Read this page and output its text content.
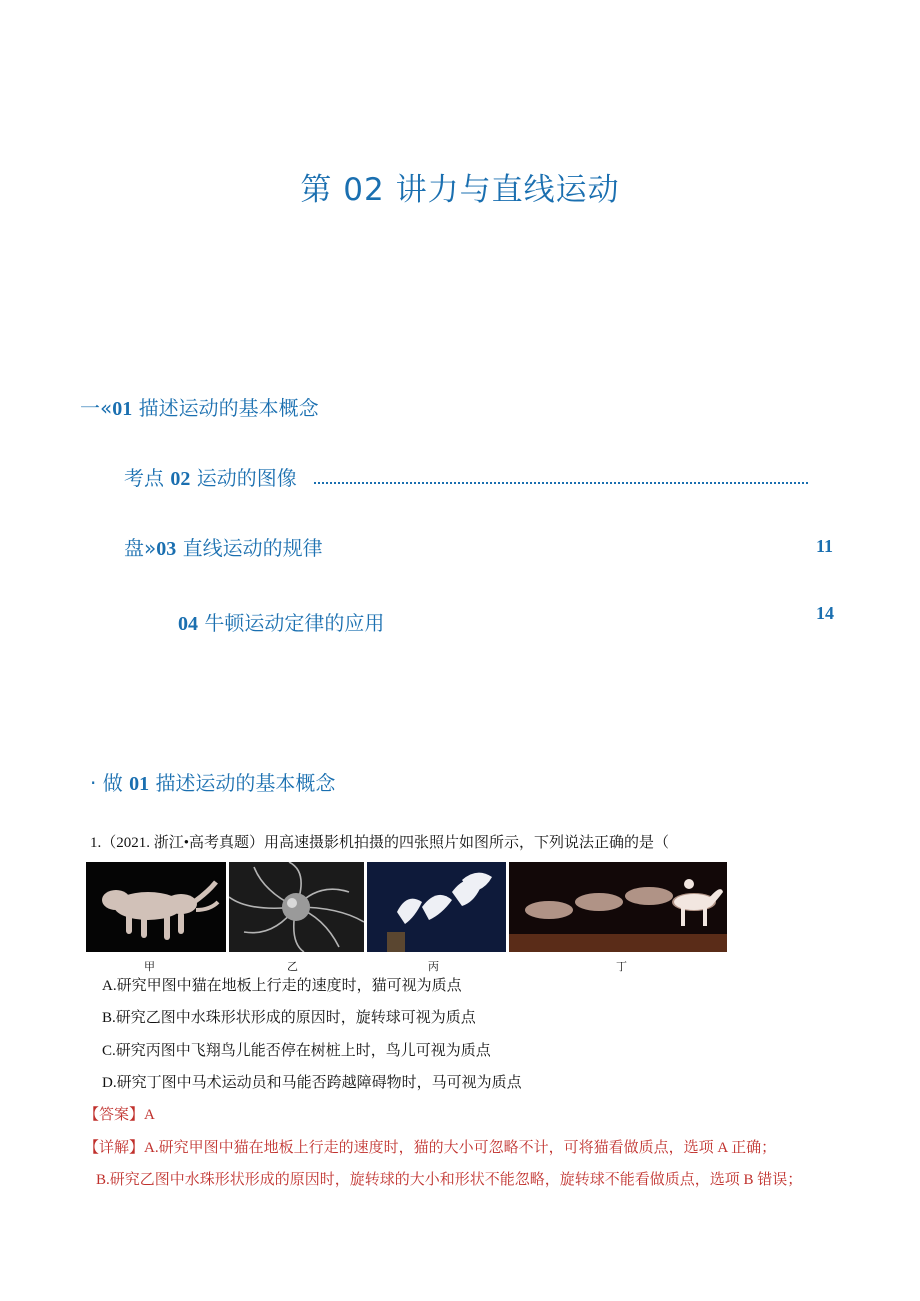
第 02 讲力与直线运动
一«01 描述运动的基本概念
考点 02 运动的图像
盘»03 直线运动的规律	11
04 牛顿运动定律的应用	14
· 做 01 描述运动的基本概念
1.（2021. 浙江•高考真题）用高速摄影机拍摄的四张照片如图所示，下列说法正确的是（
甲	乙	丙	丁
A.研究甲图中猫在地板上行走的速度时，猫可视为质点
B.研究乙图中水珠形状形成的原因时，旋转球可视为质点
C.研究丙图中飞翔鸟儿能否停在树桩上时，鸟儿可视为质点
D.研究丁图中马术运动员和马能否跨越障碍物时，马可视为质点
【答案】A
【详解】A.研究甲图中猫在地板上行走的速度时，猫的大小可忽略不计，可将猫看做质点，选项 A 正确；
B.研究乙图中水珠形状形成的原因时，旋转球的大小和形状不能忽略，旋转球不能看做质点，选项 B 错误；
